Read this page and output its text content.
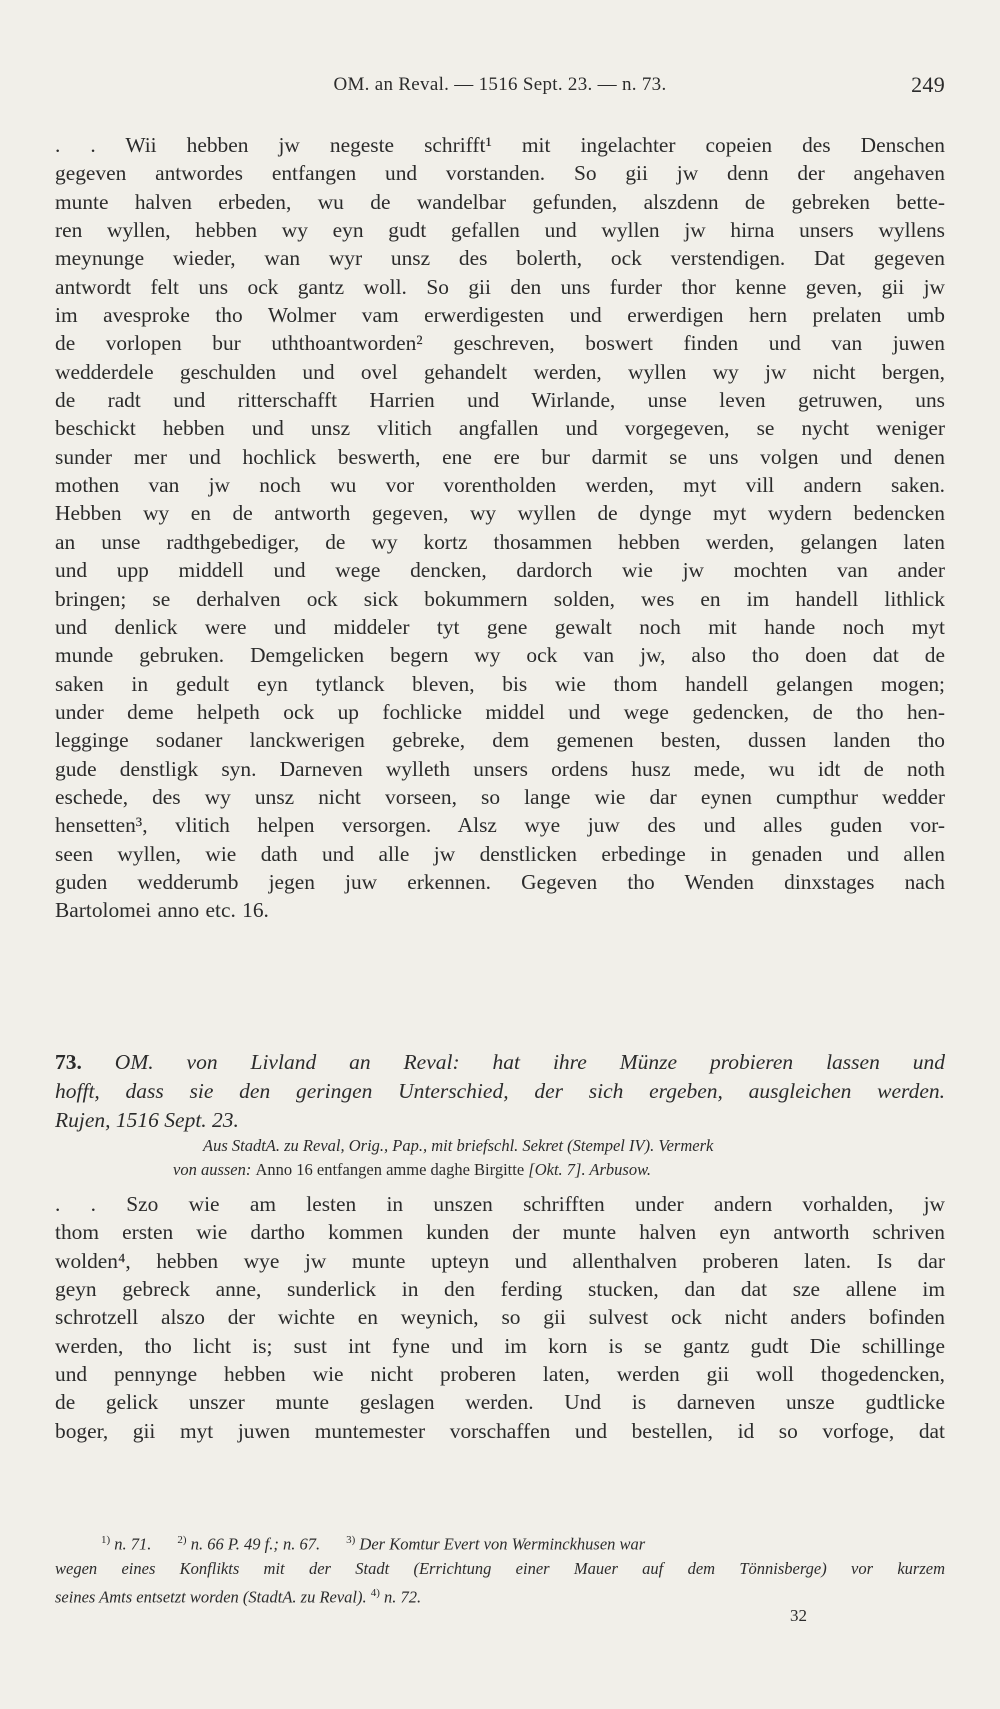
OM. an Reval. — 1516 Sept. 23. — n. 73.	249
. . Wii hebben jw negeste schrifft¹ mit ingelachter copeien des Denschen
gegeven antwordes entfangen und vorstanden. So gii jw denn der angehaven
munte halven erbeden, wu de wandelbar gefunden, alszdenn de gebreken bette-
ren wyllen, hebben wy eyn gudt gefallen und wyllen jw hirna unsers wyllens
meynunge wieder, wan wyr unsz des bolerth, ock verstendigen. Dat gegeven
antwordt felt uns ock gantz woll. So gii den uns furder thor kenne geven, gii jw
im avesproke tho Wolmer vam erwerdigesten und erwerdigen hern prelaten umb
de vorlopen bur uththoantworden² geschreven, boswert finden und van juwen
wedderdele geschulden und ovel gehandelt werden, wyllen wy jw nicht bergen,
de radt und ritterschafft Harrien und Wirlande, unse leven getruwen, uns
beschickt hebben und unsz vlitich angfallen und vorgegeven, se nycht weniger
sunder mer und hochlick beswerth, ene ere bur darmit se uns volgen und denen
mothen van jw noch wu vor vorentholden werden, myt vill andern saken.
Hebben wy en de antworth gegeven, wy wyllen de dynge myt wydern bedencken
an unse radthgebediger, de wy kortz thosammen hebben werden, gelangen laten
und upp middell und wege dencken, dardorch wie jw mochten van ander
bringen; se derhalven ock sick bokummern solden, wes en im handell lithlick
und denlick were und middeler tyt gene gewalt noch mit hande noch myt
munde gebruken. Demgelicken begern wy ock van jw, also tho doen dat de
saken in gedult eyn tytlanck bleven, bis wie thom handell gelangen mogen;
under deme helpeth ock up fochlicke middel und wege gedencken, de tho hen-
legginge sodaner lanckwerigen gebreke, dem gemenen besten, dussen landen tho
gude denstligk syn. Darneven wylleth unsers ordens husz mede, wu idt de noth
eschede, des wy unsz nicht vorseen, so lange wie dar eynen cumpthur wedder
hensetten³, vlitich helpen versorgen. Alsz wye juw des und alles guden vor-
seen wyllen, wie dath und alle jw denstlicken erbedinge in genaden und allen
guden wedderumb jegen juw erkennen. Gegeven tho Wenden dinxstages nach
Bartolomei anno etc. 16.
73. OM. von Livland an Reval: hat ihre Münze probieren lassen und
hofft, dass sie den geringen Unterschied, der sich ergeben, ausgleichen werden.
Rujen, 1516 Sept. 23.
Aus StadtA. zu Reval, Orig., Pap., mit briefschl. Sekret (Stempel IV). Vermerk
von aussen: Anno 16 entfangen amme daghe Birgitte [Okt. 7]. Arbusow.
. . Szo wie am lesten in unszen schrifften under andern vorhalden, jw
thom ersten wie dartho kommen kunden der munte halven eyn antworth schriven
wolden⁴, hebben wye jw munte upteyn und allenthalven proberen laten. Is dar
geyn gebreck anne, sunderlick in den ferding stucken, dan dat sze allene im
schrotzell alszo der wichte en weynich, so gii sulvest ock nicht anders bofinden
werden, tho licht is; sust int fyne und im korn is se gantz gudt Die schillinge
und pennynge hebben wie nicht proberen laten, werden gii woll thogedencken,
de gelick unszer munte geslagen werden. Und is darneven unsze gudtlicke
boger, gii myt juwen muntemester vorschaffen und bestellen, id so vorfoge, dat
$^{1)}$ n. 71. $^{2)}$ n. 66 P. 49 f.; n. 67. $^{3)}$ Der Komtur Evert von Werminckhusen war
wegen eines Konflikts mit der Stadt (Errichtung einer Mauer auf dem Tönnisberge) vor kurzem
seines Amts entsetzt worden (StadtA. zu Reval). $^{4)}$ n. 72.
32
